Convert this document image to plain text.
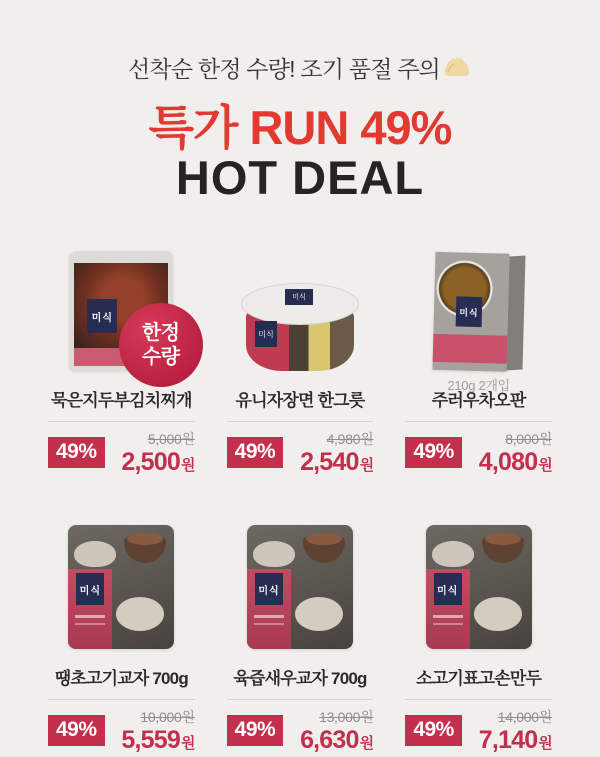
선착순 한정 수량! 조기 품절 주의
특가 RUN 49%
HOT DEAL
미식
한정
수량
묵은지두부김치찌개
49%
5,000원
2,500원
미식
미식
유니자장면 한그릇
49%
4,980원
2,540원
미식
210g 2개입
주러우차오판
49%
8,000원
4,080원
미식
땡초고기교자 700g
49%
10,000원
5,559원
미식
육즙새우교자 700g
49%
13,000원
6,630원
미식
소고기표고손만두
49%
14,000원
7,140원
